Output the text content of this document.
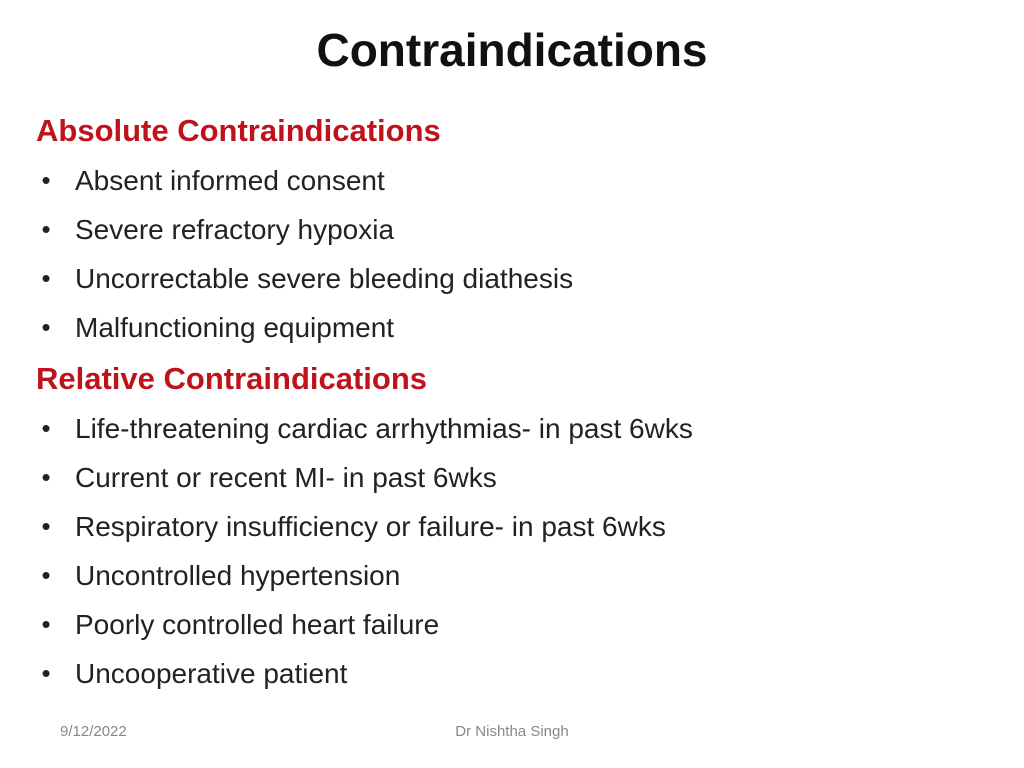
Contraindications
Absolute Contraindications
• Absent informed consent
• Severe refractory hypoxia
• Uncorrectable severe bleeding diathesis
• Malfunctioning equipment
Relative Contraindications
• Life-threatening cardiac arrhythmias- in past 6wks
• Current or recent MI- in past 6wks
• Respiratory insufficiency or failure- in past 6wks
• Uncontrolled hypertension
• Poorly controlled heart failure
• Uncooperative patient
9/12/2022	Dr Nishtha Singh
